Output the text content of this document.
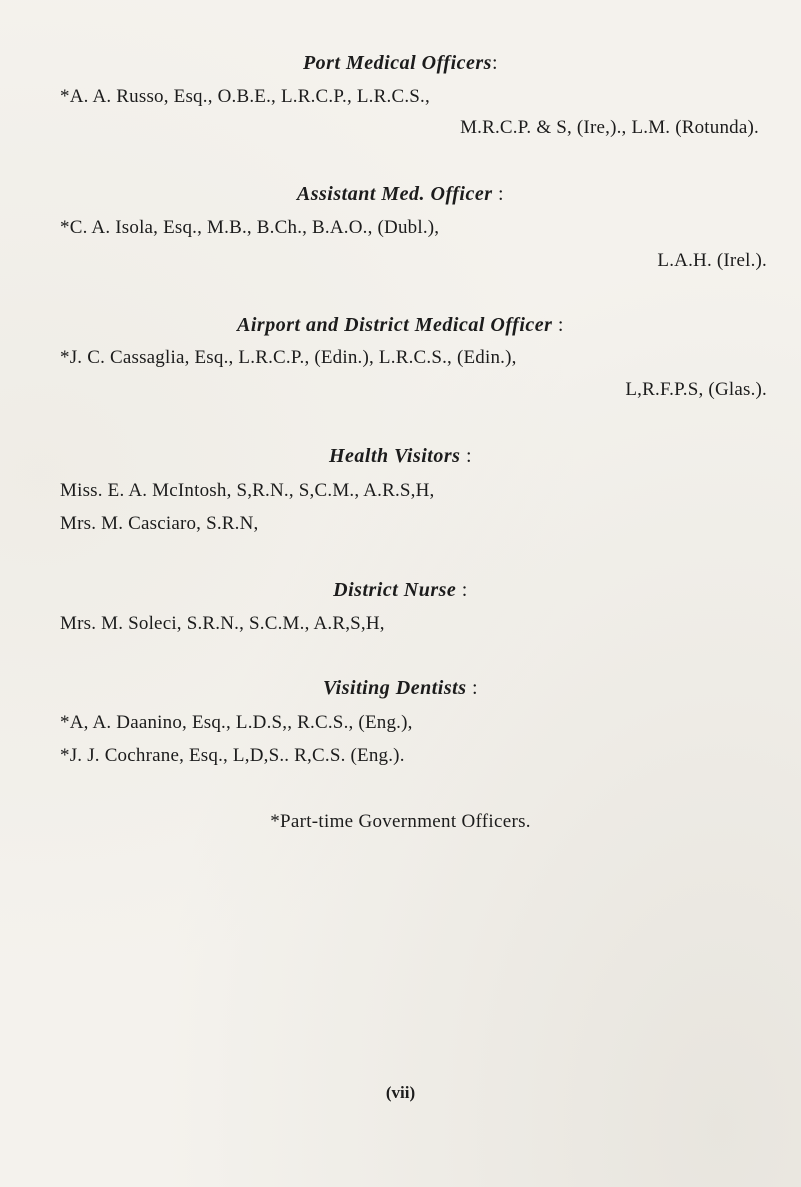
Port Medical Officers:
*A. A. Russo, Esq., O.B.E., L.R.C.P., L.R.C.S.,
M.R.C.P. & S, (Ire,)., L.M. (Rotunda).
Assistant Med. Officer :
*C. A. Isola, Esq., M.B., B.Ch., B.A.O., (Dubl.),
L.A.H. (Irel.).
Airport and District Medical Officer :
*J. C. Cassaglia, Esq., L.R.C.P., (Edin.), L.R.C.S., (Edin.),
L,R.F.P.S, (Glas.).
Health Visitors :
Miss. E. A. McIntosh, S,R.N., S,C.M., A.R.S,H,
Mrs. M. Casciaro, S.R.N,
District Nurse :
Mrs. M. Soleci, S.R.N., S.C.M., A.R,S,H,
Visiting Dentists :
*A, A. Daanino, Esq., L.D.S,, R.C.S., (Eng.),
*J. J. Cochrane, Esq., L,D,S.. R,C.S. (Eng.).
*Part-time Government Officers.
(vii)
